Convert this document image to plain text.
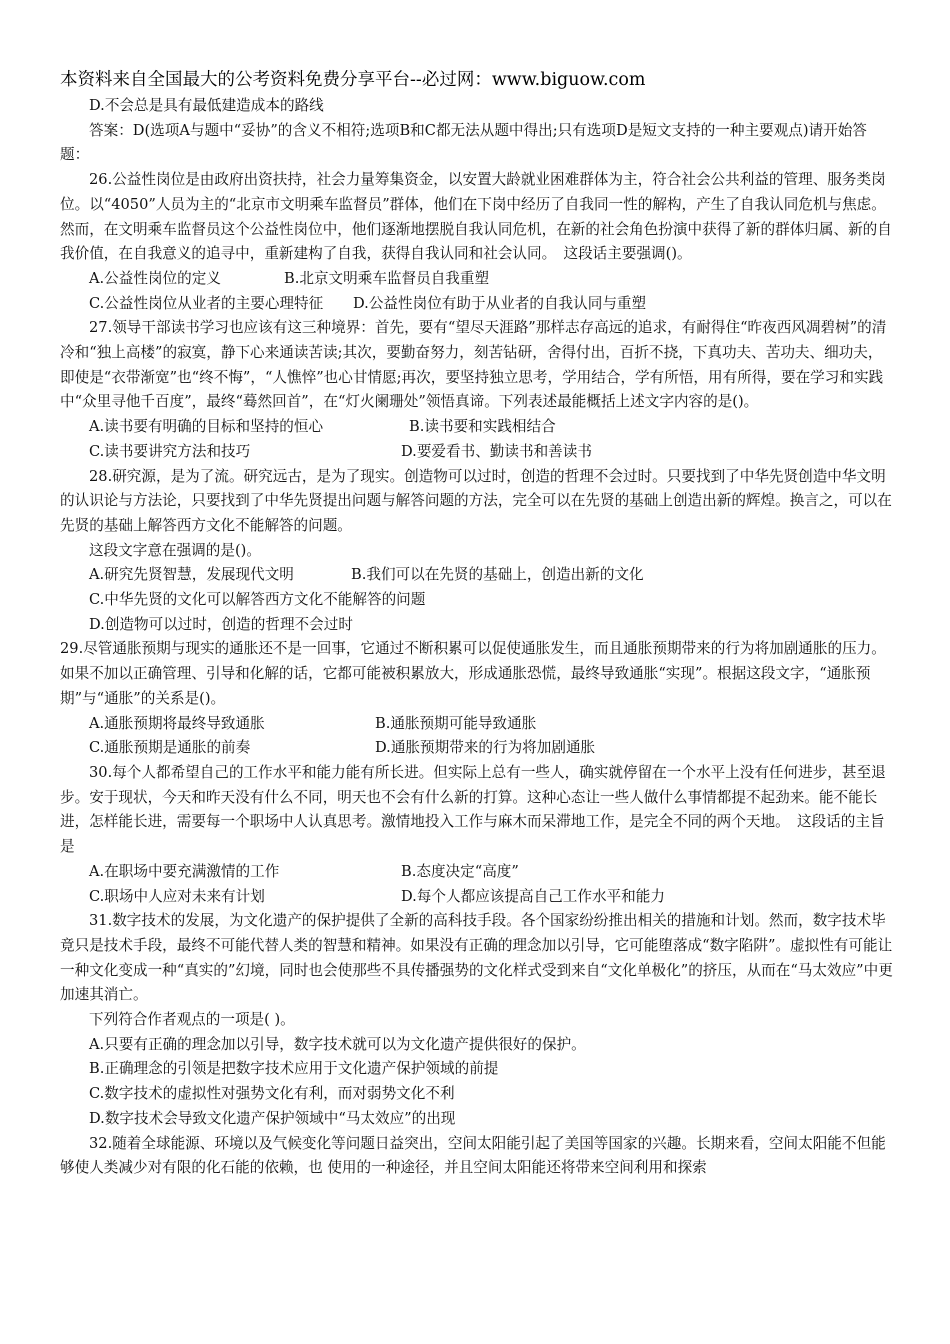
本资料来自全国最大的公考资料免费分享平台--必过网：www.biguow.com

D.不会总是具有最低建造成本的路线

答案：D(选项A与题中“妥协”的含义不相符;选项B和C都无法从题中得出;只有选项D是短文支持的一种主要观点)请开始答题：

26.公益性岗位是由政府出资扶持，社会力量筹集资金，以安置大龄就业困难群体为主，符合社会公共利益的管理、服务类岗位。以“4050”人员为主的“北京市文明乘车监督员”群体，他们在下岗中经历了自我同一性的解构，产生了自我认同危机与焦虑。然而，在文明乘车监督员这个公益性岗位中，他们逐渐地摆脱自我认同危机，在新的社会角色扮演中获得了新的群体归属、新的自我价值，在自我意义的追寻中，重新建构了自我，获得自我认同和社会认同。　这段话主要强调()。

A.公益性岗位的定义	B.北京文明乘车监督员自我重塑
C.公益性岗位从业者的主要心理特征 D.公益性岗位有助于从业者的自我认同与重塑

27.领导干部读书学习也应该有这三种境界：首先，要有“望尽天涯路”那样志存高远的追求，有耐得住“昨夜西风凋碧树”的清冷和“独上高楼”的寂寞，静下心来通读苦读;其次，要勤奋努力，刻苦钻研，舍得付出，百折不挠，下真功夫、苦功夫、细功夫，即使是“衣带渐宽”也“终不悔”，“人憔悴”也心甘情愿;再次，要坚持独立思考，学用结合，学有所悟，用有所得，要在学习和实践中“众里寻他千百度”，最终“蓦然回首”，在“灯火阑珊处”领悟真谛。下列表述最能概括上述文字内容的是()。

A.读书要有明确的目标和坚持的恒心	B.读书要和实践相结合
C.读书要讲究方法和技巧	D.要爱看书、勤读书和善读书

28.研究源，是为了流。研究远古，是为了现实。创造物可以过时，创造的哲理不会过时。只要找到了中华先贤创造中华文明的认识论与方法论，只要找到了中华先贤提出问题与解答问题的方法，完全可以在先贤的基础上创造出新的辉煌。换言之，可以在先贤的基础上解答西方文化不能解答的问题。

这段文字意在强调的是()。

A.研究先贤智慧，发展现代文明	B.我们可以在先贤的基础上，创造出新的文化

C.中华先贤的文化可以解答西方文化不能解答的问题

D.创造物可以过时，创造的哲理不会过时

29.尽管通胀预期与现实的通胀还不是一回事，它通过不断积累可以促使通胀发生，而且通胀预期带来的行为将加剧通胀的压力。如果不加以正确管理、引导和化解的话，它都可能被积累放大，形成通胀恐慌，最终导致通胀“实现”。根据这段文字，“通胀预期”与“通胀”的关系是()。

A.通胀预期将最终导致通胀	B.通胀预期可能导致通胀
C.通胀预期是通胀的前奏	D.通胀预期带来的行为将加剧通胀

30.每个人都希望自己的工作水平和能力能有所长进。但实际上总有一些人，确实就停留在一个水平上没有任何进步，甚至退步。安于现状，今天和昨天没有什么不同，明天也不会有什么新的打算。这种心态让一些人做什么事情都提不起劲来。能不能长进，怎样能长进，需要每一个职场中人认真思考。激情地投入工作与麻木而呆滞地工作，是完全不同的两个天地。　这段话的主旨是

A.在职场中要充满激情的工作	B.态度决定“高度”
C.职场中人应对未来有计划	D.每个人都应该提高自己工作水平和能力

31.数字技术的发展，为文化遗产的保护提供了全新的高科技手段。各个国家纷纷推出相关的措施和计划。然而，数字技术毕竟只是技术手段，最终不可能代替人类的智慧和精神。如果没有正确的理念加以引导，它可能堕落成“数字陷阱”。虚拟性有可能让一种文化变成一种“真实的”幻境，同时也会使那些不具传播强势的文化样式受到来自“文化单极化”的挤压，从而在“马太效应”中更加速其消亡。

下列符合作者观点的一项是( )。

A.只要有正确的理念加以引导，数字技术就可以为文化遗产提供很好的保护。

B.正确理念的引领是把数字技术应用于文化遗产保护领域的前提

C.数字技术的虚拟性对强势文化有利，而对弱势文化不利

D.数字技术会导致文化遗产保护领域中“马太效应”的出现

32.随着全球能源、环境以及气候变化等问题日益突出，空间太阳能引起了美国等国家的兴趣。长期来看，空间太阳能不但能够使人类减少对有限的化石能的依赖，也 使用的一种途径，并且空间太阳能还将带来空间利用和探索
